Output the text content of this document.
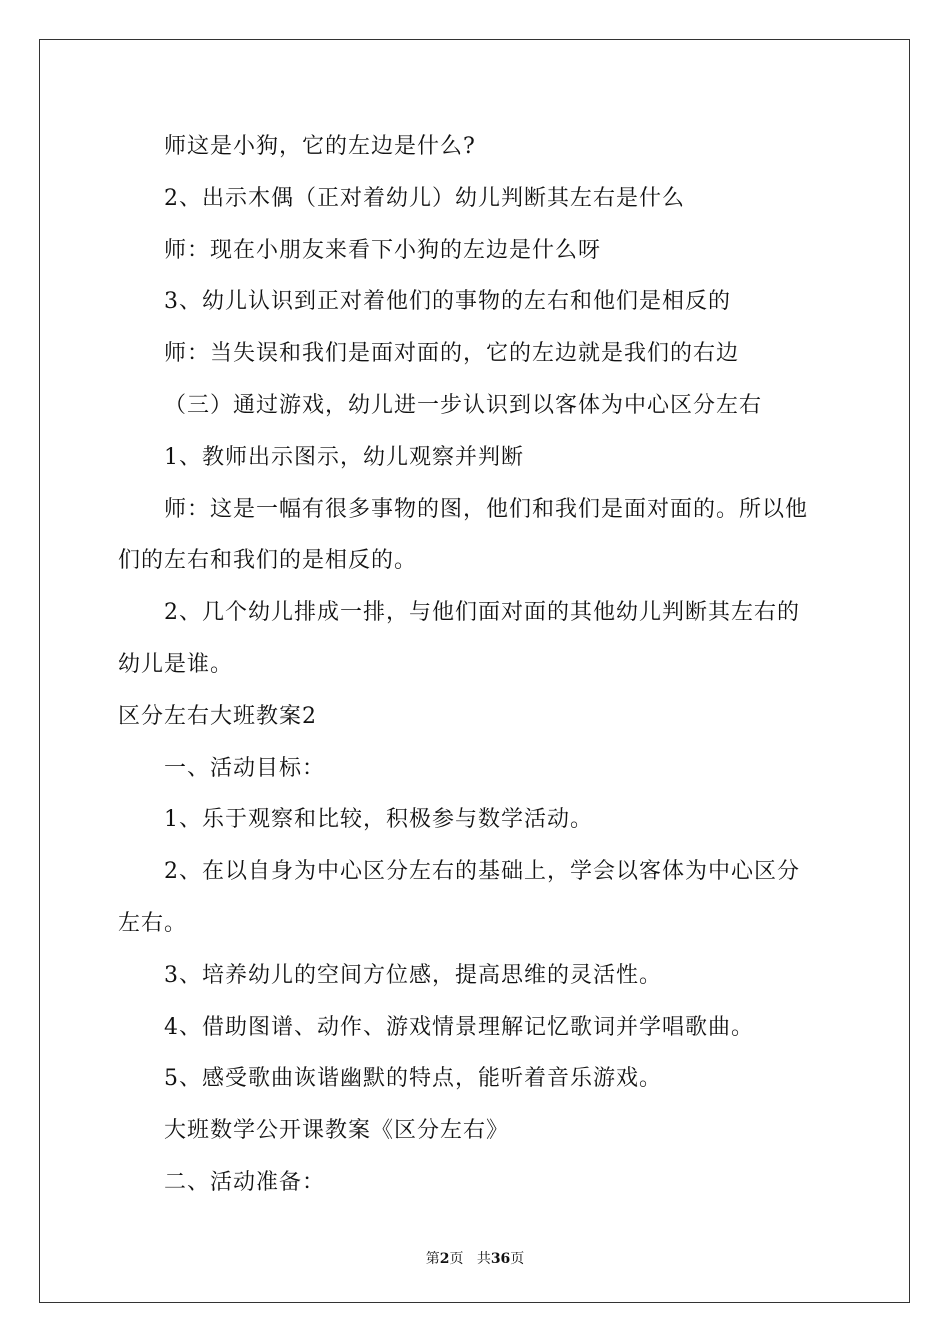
师这是小狗，它的左边是什么?
2、出示木偶（正对着幼儿）幼儿判断其左右是什么
师：现在小朋友来看下小狗的左边是什么呀
3、幼儿认识到正对着他们的事物的左右和他们是相反的
师：当失误和我们是面对面的，它的左边就是我们的右边
（三）通过游戏，幼儿进一步认识到以客体为中心区分左右
1、教师出示图示，幼儿观察并判断
师：这是一幅有很多事物的图，他们和我们是面对面的。所以他
们的左右和我们的是相反的。
2、几个幼儿排成一排，与他们面对面的其他幼儿判断其左右的
幼儿是谁。
区分左右大班教案2
一、活动目标：
1、乐于观察和比较，积极参与数学活动。
2、在以自身为中心区分左右的基础上，学会以客体为中心区分
左右。
3、培养幼儿的空间方位感，提高思维的灵活性。
4、借助图谱、动作、游戏情景理解记忆歌词并学唱歌曲。
5、感受歌曲诙谐幽默的特点，能听着音乐游戏。
大班数学公开课教案《区分左右》
二、活动准备：
第2页 共36页
